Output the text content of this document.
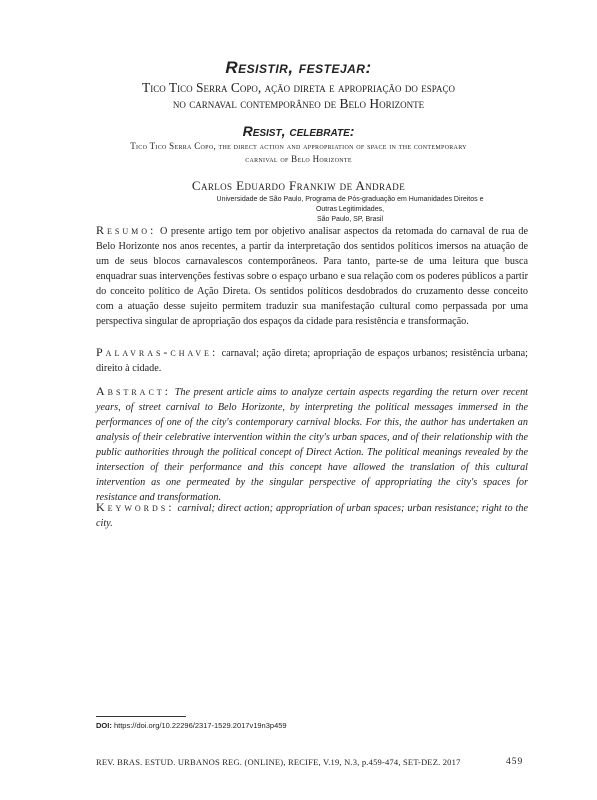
Resistir, festejar:
Tico Tico Serra Copo, ação direta e apropriação do espaço
no carnaval contemporâneo de Belo Horizonte
Resist, celebrate:
Tico Tico Serra Copo, the direct action and appropriation of space in the contemporary
carnival of Belo Horizonte
Carlos Eduardo Frankiw de Andrade
Universidade de São Paulo, Programa de Pós-graduação em Humanidades Direitos e Outras Legitimidades,
São Paulo, SP, Brasil
Resumo: O presente artigo tem por objetivo analisar aspectos da retomada do carnaval de rua de Belo Horizonte nos anos recentes, a partir da interpretação dos sentidos políticos imersos na atuação de um de seus blocos carnavalescos contemporâneos. Para tanto, parte-se de uma leitura que busca enquadrar suas intervenções festivas sobre o espaço urbano e sua relação com os poderes públicos a partir do conceito político de Ação Direta. Os sentidos políticos desdobrados do cruzamento desse conceito com a atuação desse sujeito permitem traduzir sua manifestação cultural como perpassada por uma perspectiva singular de apropriação dos espaços da cidade para resistência e transformação.
Palavras-chave: carnaval; ação direta; apropriação de espaços urbanos; resistência urbana; direito à cidade.
Abstract: The present article aims to analyze certain aspects regarding the return over recent years, of street carnival to Belo Horizonte, by interpreting the political messages immersed in the performances of one of the city's contemporary carnival blocks. For this, the author has undertaken an analysis of their celebrative intervention within the city's urban spaces, and of their relationship with the public authorities through the political concept of Direct Action. The political meanings revealed by the intersection of their performance and this concept have allowed the translation of this cultural intervention as one permeated by the singular perspective of appropriating the city's spaces for resistance and transformation.
Keywords: carnival; direct action; appropriation of urban spaces; urban resistance; right to the city.
DOI: https://doi.org/10.22296/2317-1529.2017v19n3p459
REV. BRAS. ESTUD. URBANOS REG. (ONLINE), RECIFE, V.19, N.3, p.459-474, SET-DEZ. 2017	459
